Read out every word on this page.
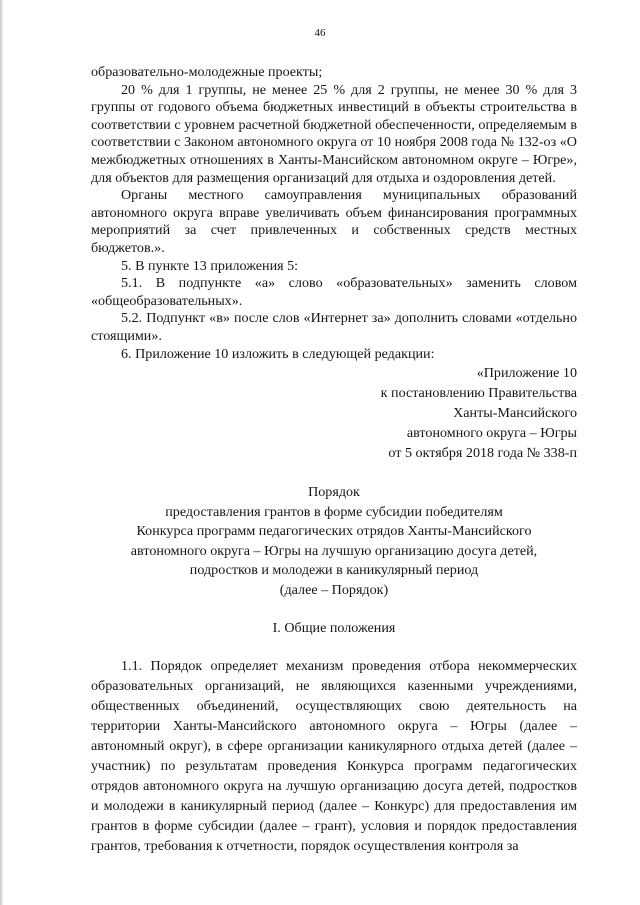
46

образовательно-молодежные проекты;

20 % для 1 группы, не менее 25 % для 2 группы, не менее 30 % для 3 группы от годового объема бюджетных инвестиций в объекты строительства в соответствии с уровнем расчетной бюджетной обеспеченности, определяемым в соответствии с Законом автономного округа от 10 ноября 2008 года № 132-оз «О межбюджетных отношениях в Ханты-Мансийском автономном округе – Югре», для объектов для размещения организаций для отдыха и оздоровления детей.

Органы местного самоуправления муниципальных образований автономного округа вправе увеличивать объем финансирования программных мероприятий за счет привлеченных и собственных средств местных бюджетов.».

5. В пункте 13 приложения 5:

5.1. В подпункте «а» слово «образовательных» заменить словом «общеобразовательных».

5.2. Подпункт «в» после слов «Интернет за» дополнить словами «отдельно стоящими».

6. Приложение 10 изложить в следующей редакции:

«Приложение 10
к постановлению Правительства
Ханты-Мансийского
автономного округа – Югры
от 5 октября 2018 года № 338-п
Порядок
предоставления грантов в форме субсидии победителям
Конкурса программ педагогических отрядов Ханты-Мансийского
автономного округа – Югры на лучшую организацию досуга детей,
подростков и молодежи в каникулярный период
(далее – Порядок)
I. Общие положения

1.1. Порядок определяет механизм проведения отбора некоммерческих образовательных организаций, не являющихся казенными учреждениями, общественных объединений, осуществляющих свою деятельность на территории Ханты-Мансийского автономного округа – Югры (далее – автономный округ), в сфере организации каникулярного отдыха детей (далее – участник) по результатам проведения Конкурса программ педагогических отрядов автономного округа на лучшую организацию досуга детей, подростков и молодежи в каникулярный период (далее – Конкурс) для предоставления им грантов в форме субсидии (далее – грант), условия и порядок предоставления грантов, требования к отчетности, порядок осуществления контроля за
